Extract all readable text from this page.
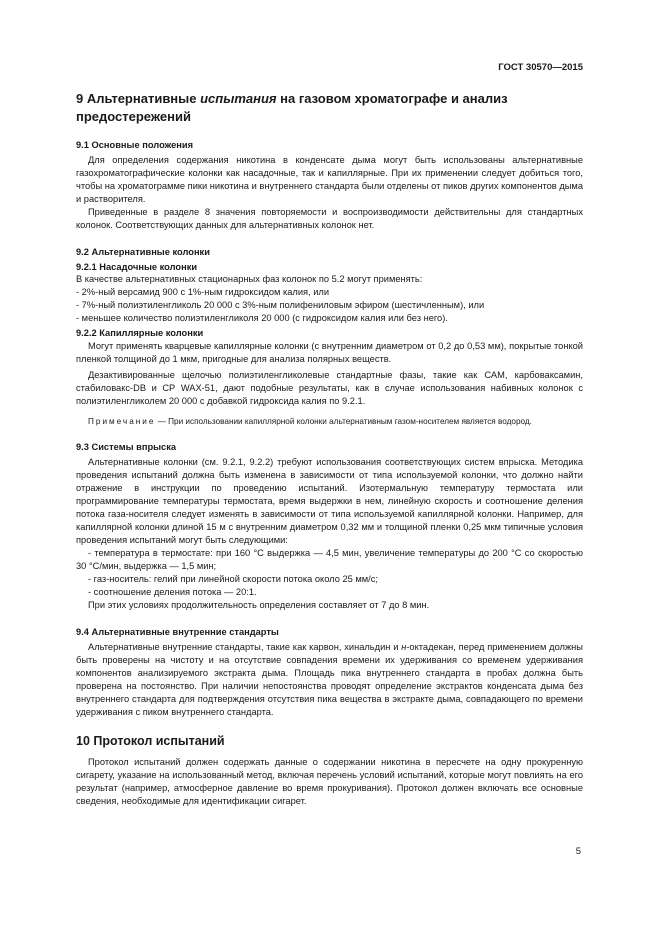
ГОСТ 30570—2015
9 Альтернативные испытания на газовом хроматографе и анализ предостережений
9.1 Основные положения

Для определения содержания никотина в конденсате дыма могут быть использованы альтернативные газохроматографические колонки как насадочные, так и капиллярные. При их применении следует добиться того, чтобы на хроматограмме пики никотина и внутреннего стандарта были отделены от пиков других компонентов дыма и растворителя.

Приведенные в разделе 8 значения повторяемости и воспроизводимости действительны для стандартных колонок. Соответствующих данных для альтернативных колонок нет.

9.2 Альтернативные колонки
9.2.1 Насадочные колонки

В качестве альтернативных стационарных фаз колонок по 5.2 могут применять:

- 2%-ный версамид 900 с 1%-ным гидроксидом калия, или

- 7%-ный полиэтиленгликоль 20 000 с 3%-ным полифениловым эфиром (шестичленным), или

- меньшее количество полиэтиленгликоля 20 000 (с гидроксидом калия или без него).

9.2.2 Капиллярные колонки

Могут применять кварцевые капиллярные колонки (с внутренним диаметром от 0,2 до 0,53 мм), покрытые тонкой пленкой толщиной до 1 мкм, пригодные для анализа полярных веществ.

Дезактивированные щелочью полиэтиленгликолевые стандартные фазы, такие как САМ, карбоваксамин, стабиловакс-DB и СР WAX-51, дают подобные результаты, как в случае использования набивных колонок с полиэтиленгликолем 20 000 с добавкой гидроксида калия по 9.2.1.

Примечание — При использовании капиллярной колонки альтернативным газом-носителем является водород.

9.3 Системы впрыска

Альтернативные колонки (см. 9.2.1, 9.2.2) требуют использования соответствующих систем впрыска. Методика проведения испытаний должна быть изменена в зависимости от типа используемой колонки, что должно найти отражение в инструкции по проведению испытаний. Изотермальную температуру термостата или программирование температуры термостата, время выдержки в нем, линейную скорость и соотношение деления потока газа-носителя следует изменять в зависимости от типа используемой капиллярной колонки. Например, для капиллярной колонки длиной 15 м с внутренним диаметром 0,32 мм и толщиной пленки 0,25 мкм типичные условия проведения испытаний могут быть следующими:

- температура в термостате: при 160 °С выдержка — 4,5 мин, увеличение температуры до 200 °С со скоростью 30 °С/мин, выдержка — 1,5 мин;

- газ-носитель: гелий при линейной скорости потока около 25 мм/с;

- соотношение деления потока — 20:1.

При этих условиях продолжительность определения составляет от 7 до 8 мин.

9.4 Альтернативные внутренние стандарты

Альтернативные внутренние стандарты, такие как карвон, хинальдин и н-октадекан, перед применением должны быть проверены на чистоту и на отсутствие совпадения времени их удерживания со временем удерживания компонентов анализируемого экстракта дыма. Площадь пика внутреннего стандарта в пробах должна быть проверена на постоянство. При наличии непостоянства проводят определение экстрактов конденсата дыма без внутреннего стандарта для подтверждения отсутствия пика вещества в экстракте дыма, совпадающего по времени удерживания с пиком внутреннего стандарта.

10 Протокол испытаний

Протокол испытаний должен содержать данные о содержании никотина в пересчете на одну прокуренную сигарету, указание на использованный метод, включая перечень условий испытаний, которые могут повлиять на его результат (например, атмосферное давление во время прокуривания). Протокол должен включать все основные сведения, необходимые для идентификации сигарет.

5
